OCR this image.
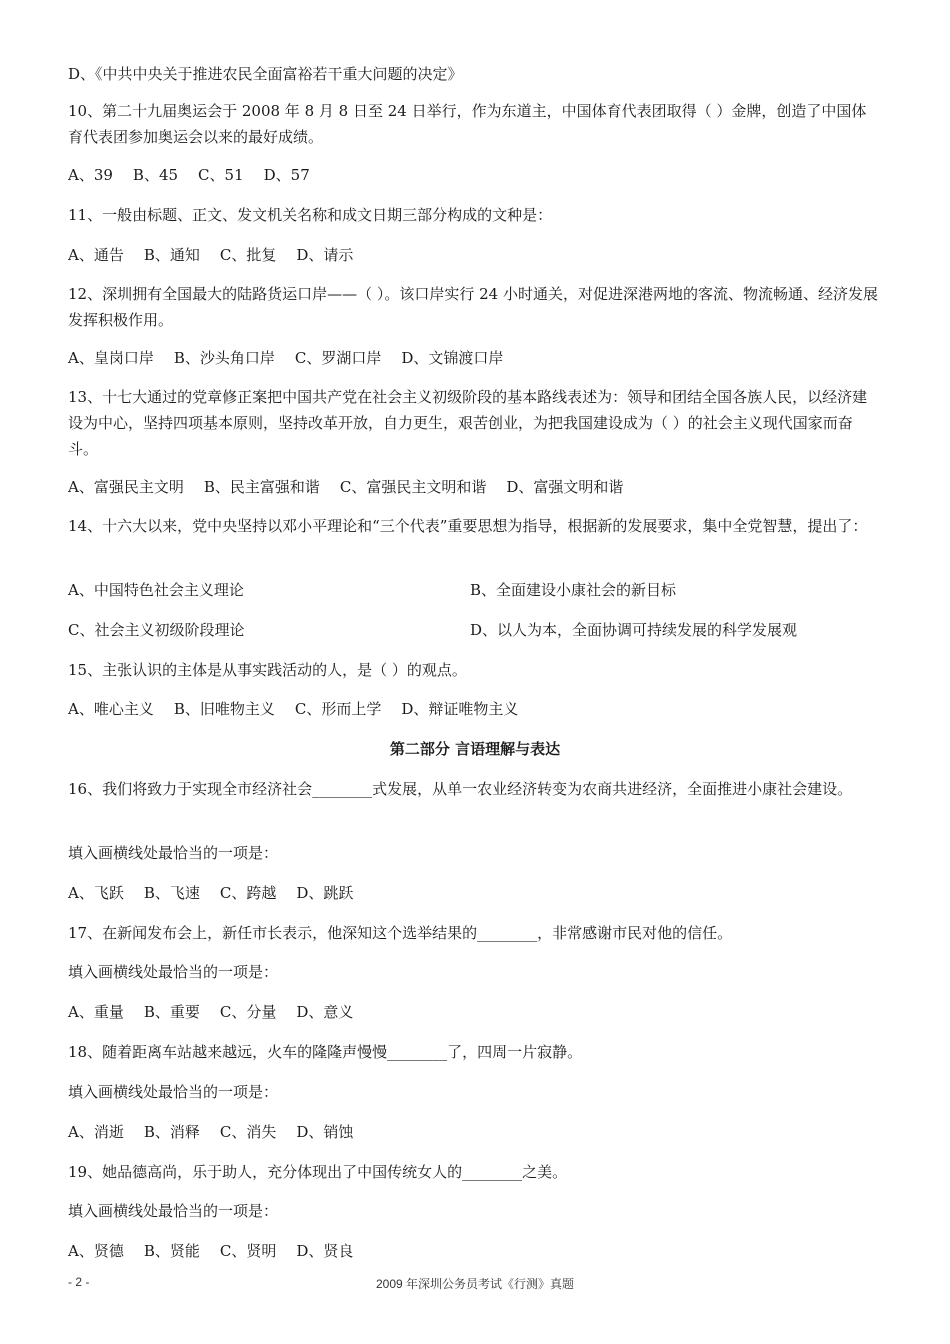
D、《中共中央关于推进农民全面富裕若干重大问题的决定》
10、第二十九届奥运会于 2008 年 8 月 8 日至 24 日举行，作为东道主，中国体育代表团取得（ ）金牌，创造了中国体育代表团参加奥运会以来的最好成绩。
A、39 B、45 C、51 D、57
11、一般由标题、正文、发文机关名称和成文日期三部分构成的文种是：
A、通告 B、通知 C、批复 D、请示
12、深圳拥有全国最大的陆路货运口岸——（ ）。该口岸实行 24 小时通关，对促进深港两地的客流、物流畅通、经济发展发挥积极作用。
A、皇岗口岸 B、沙头角口岸 C、罗湖口岸 D、文锦渡口岸
13、十七大通过的党章修正案把中国共产党在社会主义初级阶段的基本路线表述为：领导和团结全国各族人民，以经济建设为中心，坚持四项基本原则，坚持改革开放，自力更生，艰苦创业，为把我国建设成为（ ）的社会主义现代国家而奋斗。
A、富强民主文明 B、民主富强和谐 C、富强民主文明和谐 D、富强文明和谐
14、十六大以来，党中央坚持以邓小平理论和“三个代表”重要思想为指导，根据新的发展要求，集中全党智慧，提出了：
A、中国特色社会主义理论	B、全面建设小康社会的新目标
C、社会主义初级阶段理论	D、以人为本，全面协调可持续发展的科学发展观
15、主张认识的主体是从事实践活动的人，是（ ）的观点。
A、唯心主义 B、旧唯物主义 C、形而上学 D、辩证唯物主义
第二部分 言语理解与表达
16、我们将致力于实现全市经济社会________式发展，从单一农业经济转变为农商共进经济，全面推进小康社会建设。
填入画横线处最恰当的一项是：
A、飞跃 B、飞速 C、跨越 D、跳跃
17、在新闻发布会上，新任市长表示，他深知这个选举结果的________，非常感谢市民对他的信任。
填入画横线处最恰当的一项是：
A、重量 B、重要 C、分量 D、意义
18、随着距离车站越来越远，火车的隆隆声慢慢________了，四周一片寂静。
填入画横线处最恰当的一项是：
A、消逝 B、消释 C、消失 D、销蚀
19、她品德高尚，乐于助人，充分体现出了中国传统女人的________之美。
填入画横线处最恰当的一项是：
A、贤德 B、贤能 C、贤明 D、贤良
- 2 -	2009 年深圳公务员考试《行测》真题
